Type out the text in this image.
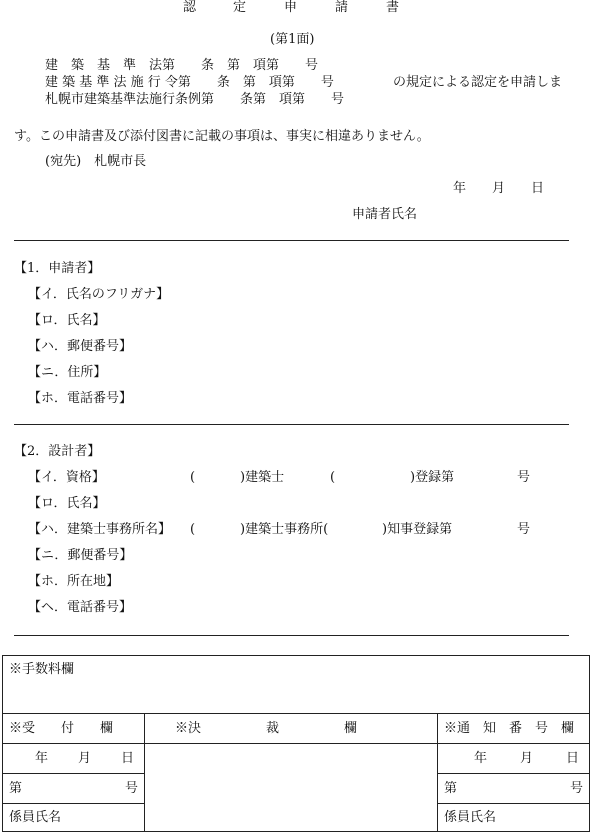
認	定	申	請	書
(第1面)
建　築　基　準　法第　　条　第　項第　　号
建 築 基 準 法 施 行 令第　　条　第　項第　　号
札幌市建築基準法施行条例第　　条第　項第　　号
の規定による認定を申請しま
す。この申請書及び添付図書に記載の事項は、事実に相違ありません。
(宛先)　札幌市長
年　　月　　日
申請者氏名
【1．申請者】
【イ．氏名のフリガナ】
【ロ．氏名】
【ハ．郵便番号】
【ニ．住所】
【ホ．電話番号】
【2．設計者】
【イ．資格】	(	)建築士	(	)登録第	号
【ロ．氏名】
【ハ．建築士事務所名】 (	)建築士事務所(	)知事登録第	号
【ニ．郵便番号】
【ホ．所在地】
【ヘ．電話番号】
※手数料欄		
※受　　付　　欄	※決　　　　　裁　　　　　欄	※通　知　番　号　欄

年 月 日		年 月 日

第 号		第 号

係員氏名		係員氏名
